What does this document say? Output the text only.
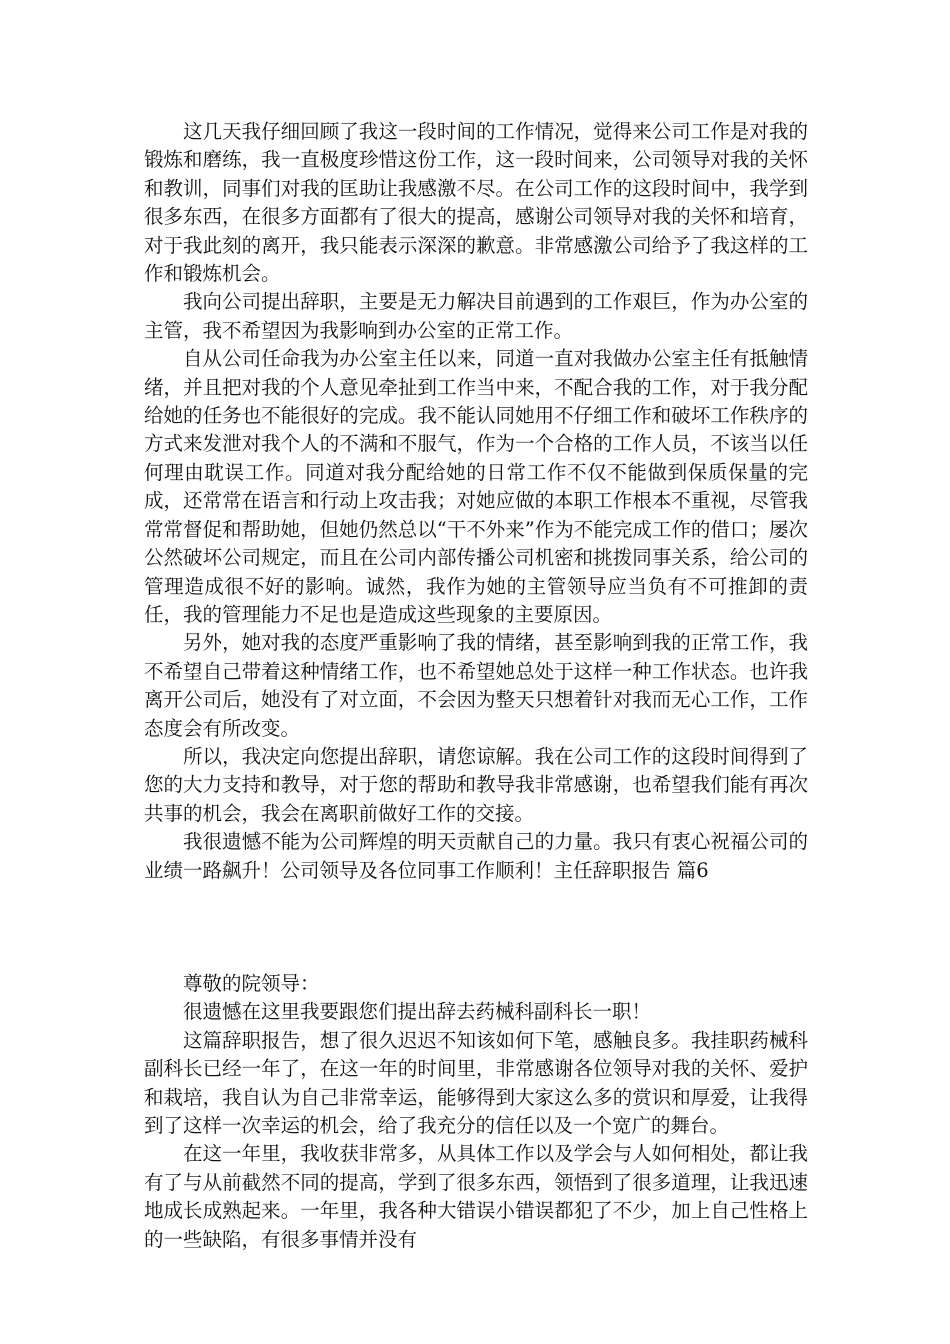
这几天我仔细回顾了我这一段时间的工作情况，觉得来公司工作是对我的锻炼和磨练，我一直极度珍惜这份工作，这一段时间来，公司领导对我的关怀和教训，同事们对我的匡助让我感激不尽。在公司工作的这段时间中，我学到很多东西，在很多方面都有了很大的提高，感谢公司领导对我的关怀和培育，对于我此刻的离开，我只能表示深深的歉意。非常感激公司给予了我这样的工作和锻炼机会。

我向公司提出辞职，主要是无力解决目前遇到的工作艰巨，作为办公室的主管，我不希望因为我影响到办公室的正常工作。

自从公司任命我为办公室主任以来，同道一直对我做办公室主任有抵触情绪，并且把对我的个人意见牵扯到工作当中来，不配合我的工作，对于我分配给她的任务也不能很好的完成。我不能认同她用不仔细工作和破坏工作秩序的方式来发泄对我个人的不满和不服气，作为一个合格的工作人员，不该当以任何理由耽误工作。同道对我分配给她的日常工作不仅不能做到保质保量的完成，还常常在语言和行动上攻击我；对她应做的本职工作根本不重视，尽管我常常督促和帮助她，但她仍然总以“干不外来”作为不能完成工作的借口；屡次公然破坏公司规定，而且在公司内部传播公司机密和挑拨同事关系，给公司的管理造成很不好的影响。诚然，我作为她的主管领导应当负有不可推卸的责任，我的管理能力不足也是造成这些现象的主要原因。

另外，她对我的态度严重影响了我的情绪，甚至影响到我的正常工作，我不希望自己带着这种情绪工作，也不希望她总处于这样一种工作状态。也许我离开公司后，她没有了对立面，不会因为整天只想着针对我而无心工作，工作态度会有所改变。

所以，我决定向您提出辞职，请您谅解。我在公司工作的这段时间得到了您的大力支持和教导，对于您的帮助和教导我非常感谢，也希望我们能有再次共事的机会，我会在离职前做好工作的交接。

我很遗憾不能为公司辉煌的明天贡献自己的力量。我只有衷心祝福公司的业绩一路飙升！公司领导及各位同事工作顺利！主任辞职报告 篇6

尊敬的院领导：

很遗憾在这里我要跟您们提出辞去药械科副科长一职！

这篇辞职报告，想了很久迟迟不知该如何下笔，感触良多。我挂职药械科副科长已经一年了，在这一年的时间里，非常感谢各位领导对我的关怀、爱护和栽培，我自认为自己非常幸运，能够得到大家这么多的赏识和厚爱，让我得到了这样一次幸运的机会，给了我充分的信任以及一个宽广的舞台。

在这一年里，我收获非常多，从具体工作以及学会与人如何相处，都让我有了与从前截然不同的提高，学到了很多东西，领悟到了很多道理，让我迅速地成长成熟起来。一年里，我各种大错误小错误都犯了不少，加上自己性格上的一些缺陷，有很多事情并没有
